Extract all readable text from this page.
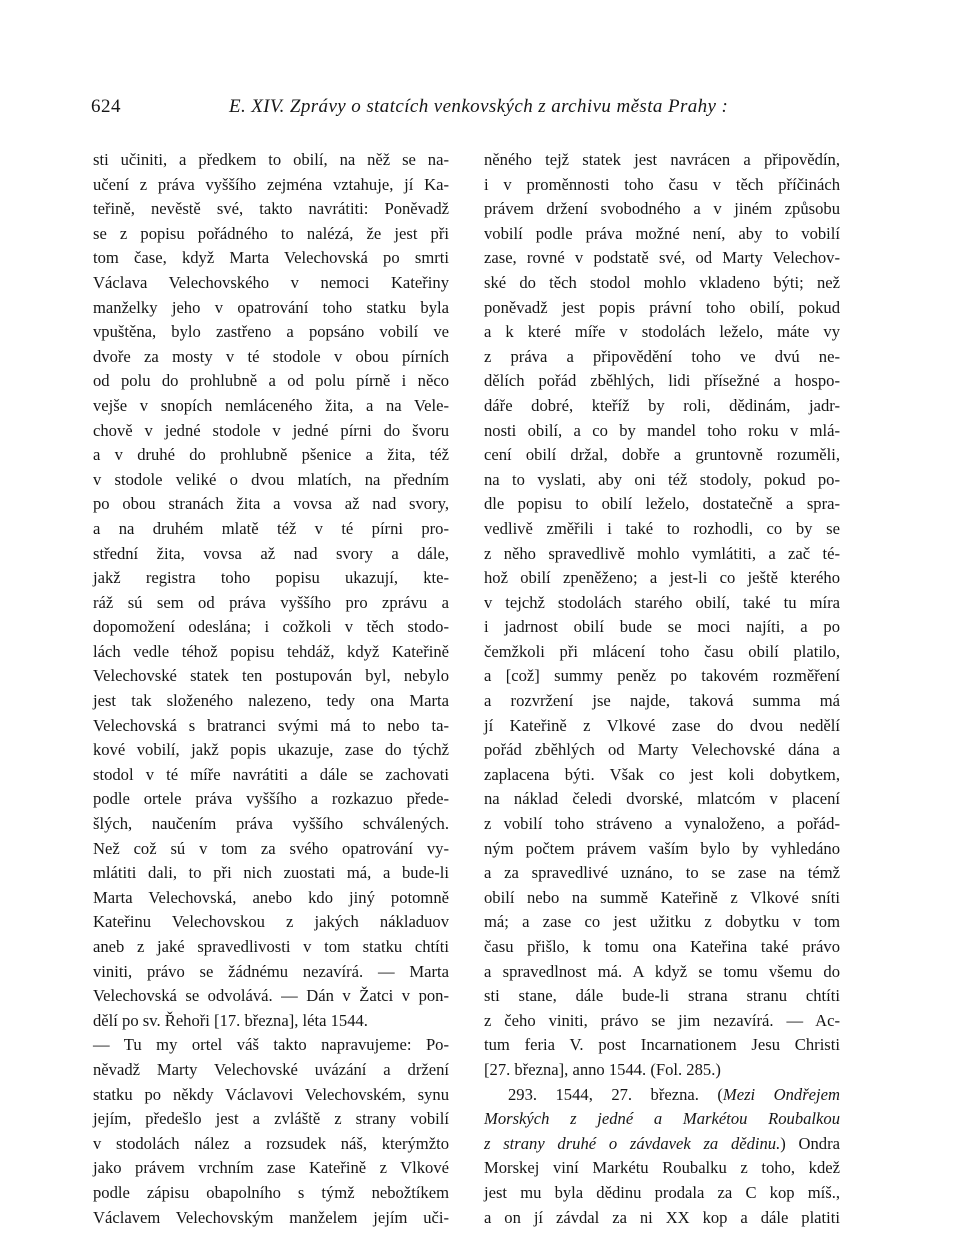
624	E. XIV. Zprávy o statcích venkovských z archivu města Prahy :
sti učiniti, a předkem to obilí, na něž se na-
učení z práva vyššího zejména vztahuje, jí Ka-
teřině, nevěstě své, takto navrátiti: Poněvadž
se z popisu pořádného to nalézá, že jest při
tom čase, když Marta Velechovská po smrti
Václava Velechovského v nemoci Kateřiny
manželky jeho v opatrování toho statku byla
vpuštěna, bylo zastřeno a popsáno vobilí ve
dvoře za mosty v té stodole v obou pírních
od polu do prohlubně a od polu pírně i něco
vejše v snopích nemláceného žita, a na Vele-
chově v jedné stodole v jedné pírni do švoru
a v druhé do prohlubně pšenice a žita, též
v stodole veliké o dvou mlatích, na předním
po obou stranách žita a vovsa až nad svory,
a na druhém mlatě též v té pírni pro-
střední žita, vovsa až nad svory a dále,
jakž registra toho popisu ukazují, kte-
ráž sú sem od práva vyššího pro zprávu a
dopomožení odeslána; i cožkoli v těch stodo-
lách vedle téhož popisu tehdáž, když Kateřině
Velechovské statek ten postupován byl, nebylo
jest tak složeného nalezeno, tedy ona Marta
Velechovská s bratranci svými má to nebo ta-
kové vobilí, jakž popis ukazuje, zase do týchž
stodol v té míře navrátiti a dále se zachovati
podle ortele práva vyššího a rozkazuo přede-
šlých, naučením práva vyššího schválených.
Než což sú v tom za svého opatrování vy-
mlátiti dali, to při nich zuostati má, a bude-li
Marta Velechovská, anebo kdo jiný potomně
Kateřinu Velechovskou z jakých nákladuov
aneb z jaké spravedlivosti v tom statku chtíti
viniti, právo se žádnému nezavírá. — Marta
Velechovská se odvolává. — Dán v Žatci v pon-
dělí po sv. Řehoři [17. března], léta 1544.
— Tu my ortel váš takto napravujeme: Po-
něvadž Marty Velechovské uvázání a držení
statku po někdy Václavovi Velechovském, synu
jejím, předešlo jest a zvláště z strany vobilí
v stodolách nález a rozsudek náš, kterýmžto
jako právem vrchním zase Kateřině z Vlkové
podle zápisu obapolního s týmž nebožtíkem
Václavem Velechovským manželem jejím uči-
něného tejž statek jest navrácen a připovědín,
i v proměnnosti toho času v těch příčinách
právem držení svobodného a v jiném způsobu
vobilí podle práva možné není, aby to vobilí
zase, rovné v podstatě své, od Marty Velechov-
ské do těch stodol mohlo vkladeno býti; než
poněvadž jest popis právní toho obilí, pokud
a k které míře v stodolách leželo, máte vy
z práva a připovědění toho ve dvú ne-
dělích pořád zběhlých, lidi přísežné a hospo-
dáře dobré, kteříž by roli, dědinám, jadr-
nosti obilí, a co by mandel toho roku v mlá-
cení obilí držal, dobře a gruntovně rozuměli,
na to vyslati, aby oni též stodoly, pokud po-
dle popisu to obilí leželo, dostatečně a spra-
vedlivě změřili i také to rozhodli, co by se
z něho spravedlivě mohlo vymlátiti, a zač té-
hož obilí zpeněženo; a jest-li co ještě kterého
v tejchž stodolách starého obilí, také tu míra
i jadrnost obilí bude se moci najíti, a po
čemžkoli při mlácení toho času obilí platilo,
a [což] summy peněz po takovém rozměření
a rozvržení jse najde, taková summa má
jí Kateřině z Vlkové zase do dvou nedělí
pořád zběhlých od Marty Velechovské dána a
zaplacena býti. Však co jest koli dobytkem,
na náklad čeledi dvorské, mlatcóm v placení
z vobilí toho stráveno a vynaloženo, a pořád-
ným počtem právem vaším bylo by vyhledáno
a za spravedlivé uznáno, to se zase na témž
obilí nebo na summě Kateřině z Vlkové sníti
má; a zase co jest užitku z dobytku v tom
času přišlo, k tomu ona Kateřina také právo
a spravedlnost má. A když se tomu všemu do
sti stane, dále bude-li strana stranu chtíti
z čeho viniti, právo se jim nezavírá. — Ac-
tum feria V. post Incarnationem Jesu Christi
[27. března], anno 1544. (Fol. 285.)
293. 1544, 27. března. (Mezi Ondřejem
Morských z jedné a Markétou Roubalkou
z strany druhé o závdavek za dědinu.) Ondra
Morskej viní Markétu Roubalku z toho, kdež
jest mu byla dědinu prodala za C kop míš.,
a on jí závdal za ni XX kop a dále platiti
